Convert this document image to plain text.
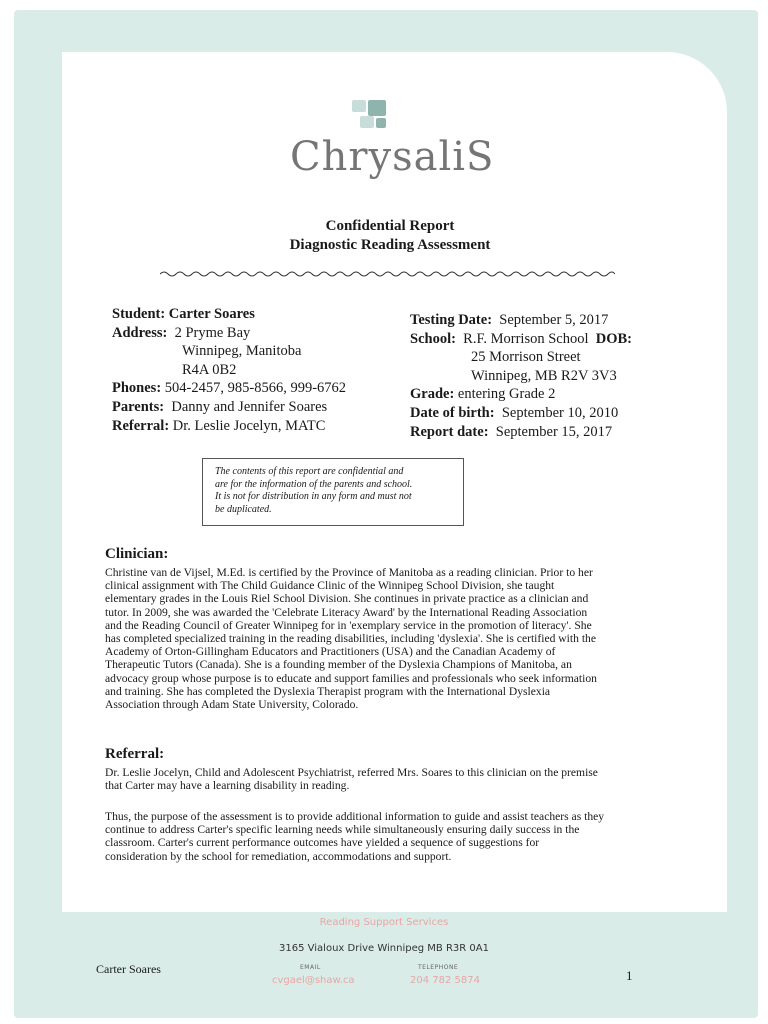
ChrysaliS
Confidential Report
Diagnostic Reading Assessment
Student: Carter Soares
Address: 2 Pryme Bay
Winnipeg, Manitoba
R4A 0B2
Phones: 504-2457, 985-8566, 999-6762
Parents: Danny and Jennifer Soares
Referral: Dr. Leslie Jocelyn, MATC
Testing Date: September 5, 2017
School: R.F. Morrison School DOB:
25 Morrison Street
Winnipeg, MB R2V 3V3
Grade: entering Grade 2
Date of birth: September 10, 2010
Report date: September 15, 2017
The contents of this report are confidential and
are for the information of the parents and school.
It is not for distribution in any form and must not
be duplicated.
Clinician:
Christine van de Vijsel, M.Ed. is certified by the Province of Manitoba as a reading clinician. Prior to her
clinical assignment with The Child Guidance Clinic of the Winnipeg School Division, she taught
elementary grades in the Louis Riel School Division. She continues in private practice as a clinician and
tutor. In 2009, she was awarded the 'Celebrate Literacy Award' by the International Reading Association
and the Reading Council of Greater Winnipeg for in 'exemplary service in the promotion of literacy'. She
has completed specialized training in the reading disabilities, including 'dyslexia'. She is certified with the
Academy of Orton-Gillingham Educators and Practitioners (USA) and the Canadian Academy of
Therapeutic Tutors (Canada). She is a founding member of the Dyslexia Champions of Manitoba, an
advocacy group whose purpose is to educate and support families and professionals who seek information
and training. She has completed the Dyslexia Therapist program with the International Dyslexia
Association through Adam State University, Colorado.
Referral:
Dr. Leslie Jocelyn, Child and Adolescent Psychiatrist, referred Mrs. Soares to this clinician on the premise
that Carter may have a learning disability in reading.
Thus, the purpose of the assessment is to provide additional information to guide and assist teachers as they
continue to address Carter's specific learning needs while simultaneously ensuring daily success in the
classroom. Carter's current performance outcomes have yielded a sequence of suggestions for
consideration by the school for remediation, accommodations and support.
Reading Support Services
3165 Vialoux Drive Winnipeg MB R3R 0A1
Carter Soares	EMAIL	TELEPHONE
cvgael@shaw.ca	204 782 5874	1
